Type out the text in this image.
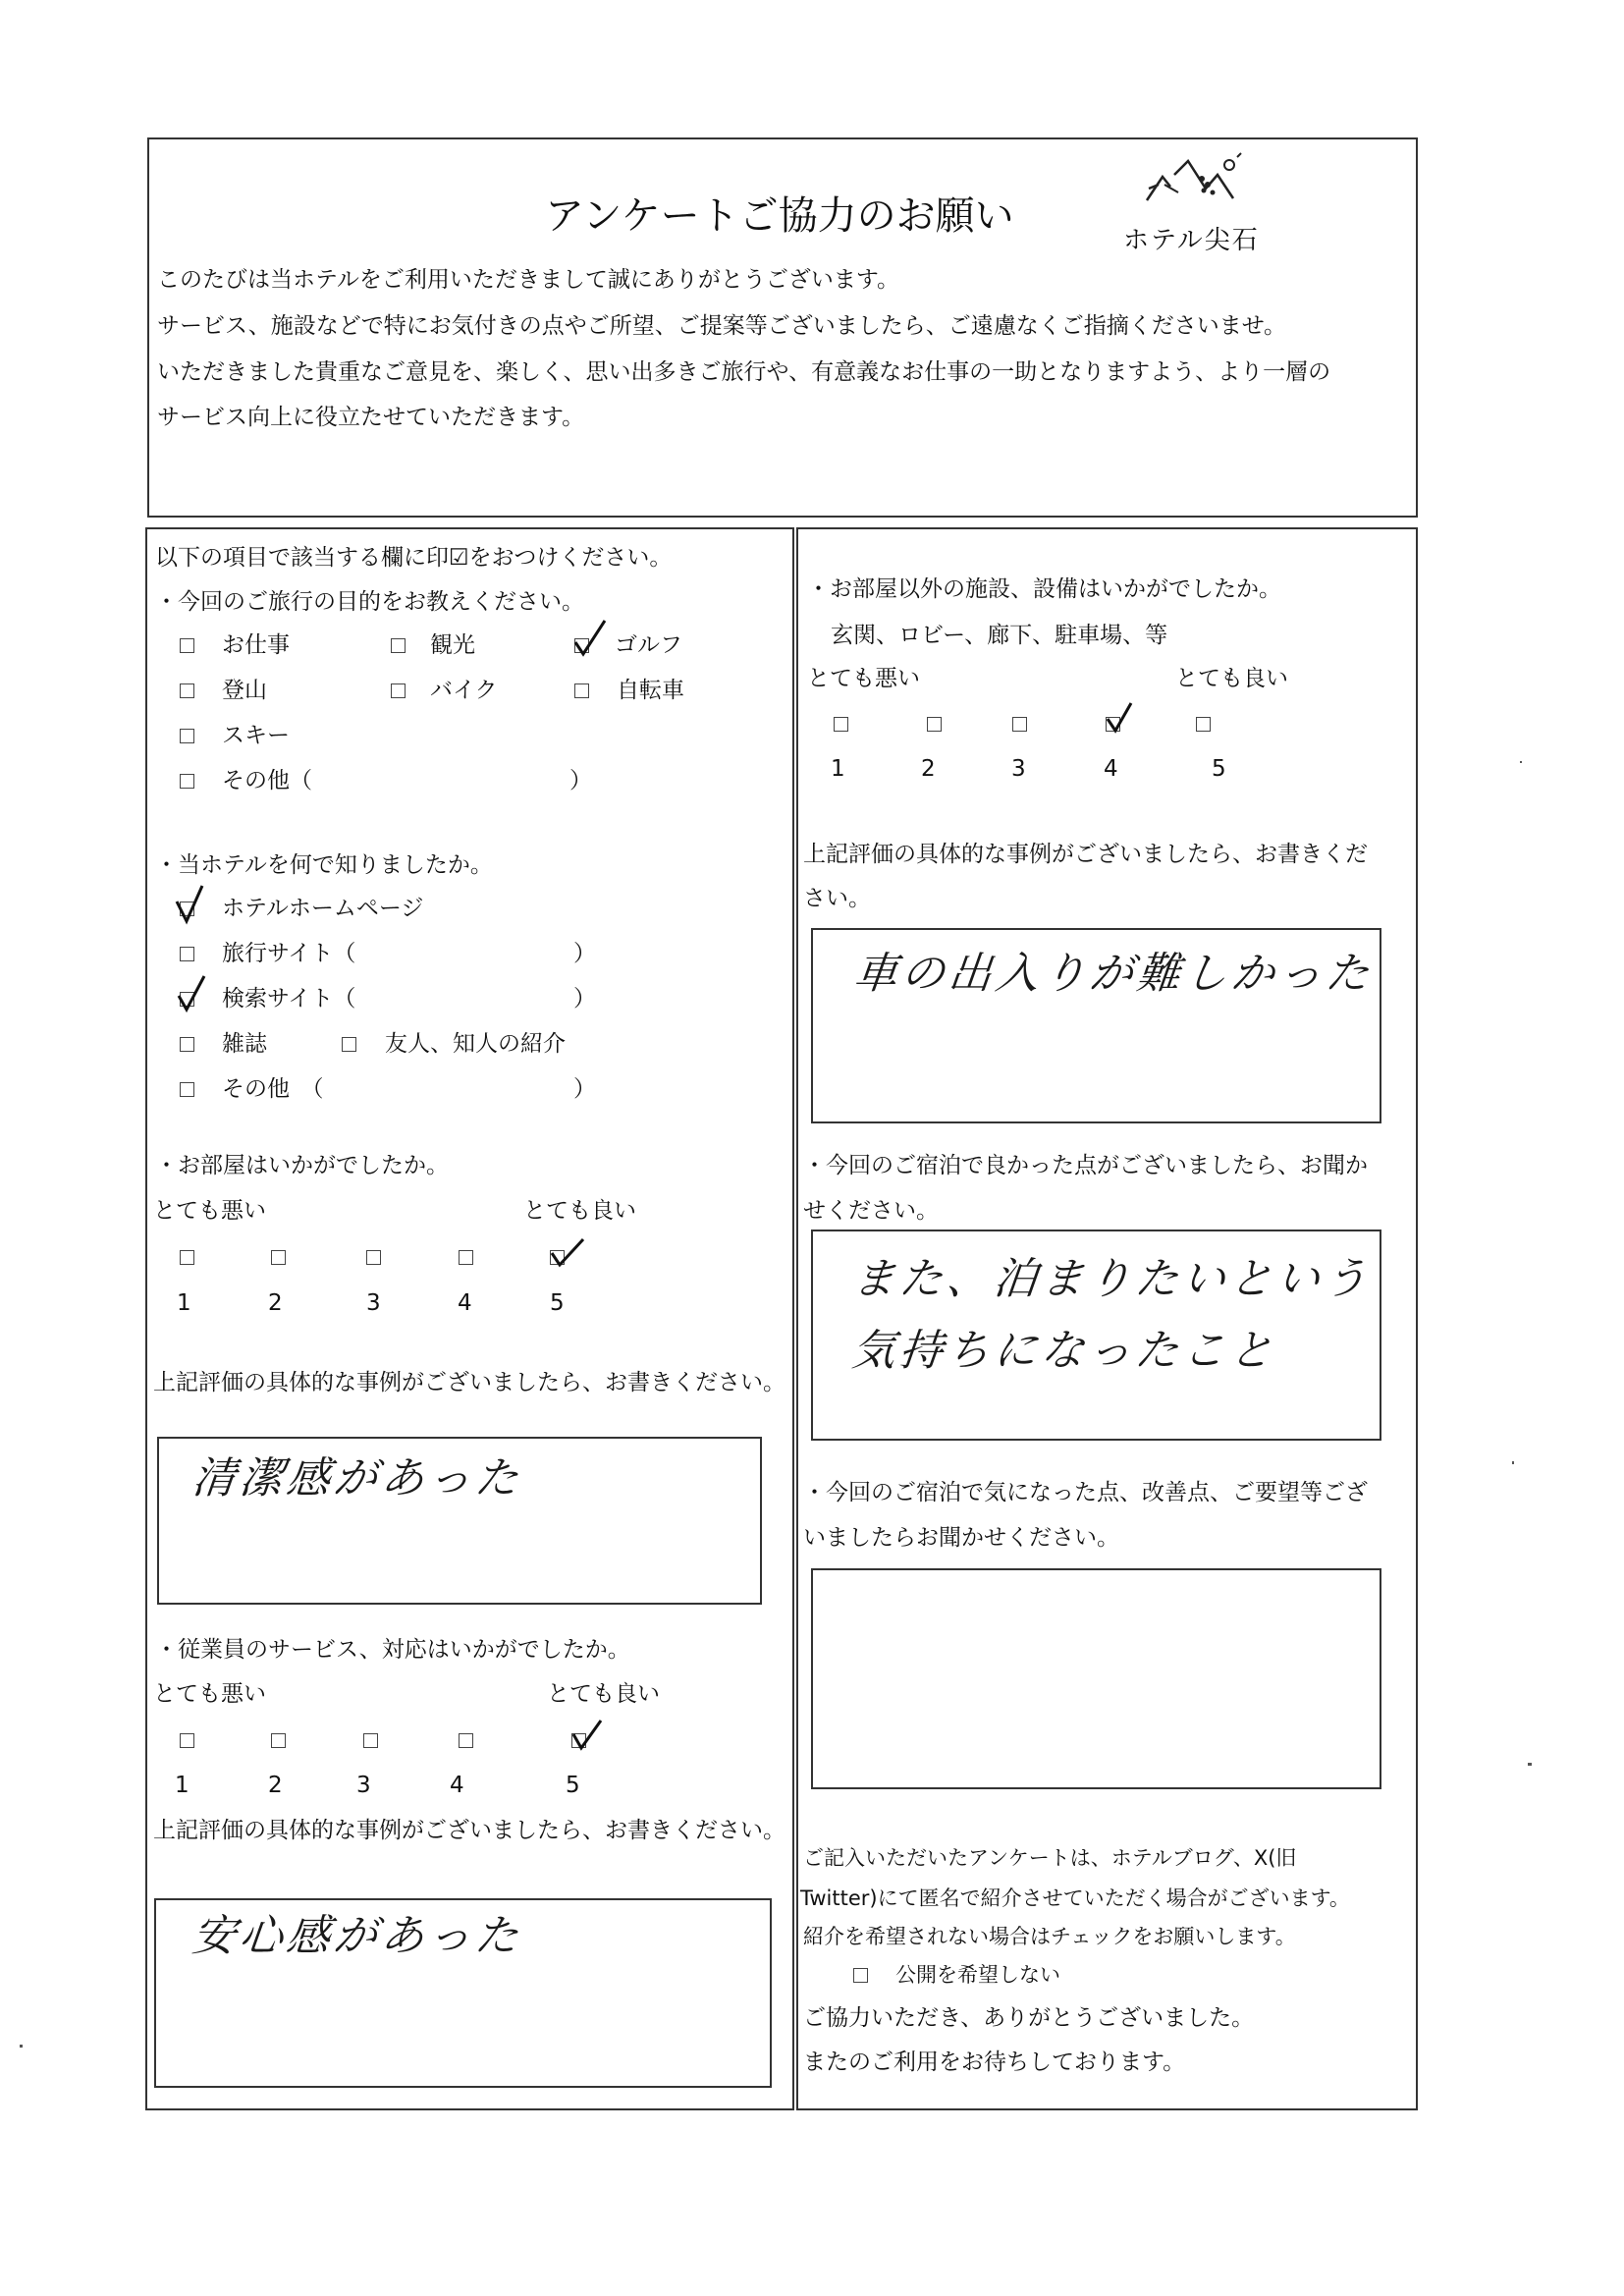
アンケートご協力のお願い
ホテル尖石
このたびは当ホテルをご利用いただきまして誠にありがとうございます。
サービス、施設などで特にお気付きの点やご所望、ご提案等ございましたら、ご遠慮なくご指摘くださいませ。
いただきました貴重なご意見を、楽しく、思い出多きご旅行や、有意義なお仕事の一助となりますよう、より一層の
サービス向上に役立たせていただきます。
以下の項目で該当する欄に印☑をおつけください。
・今回のご旅行の目的をお教えください。
お仕事	観光	ゴルフ
登山	バイク	自転車
スキー
その他（	）
・当ホテルを何で知りましたか。
ホテルホームページ
旅行サイト（	）
検索サイト（	）
雑誌	友人、知人の紹介
その他　（	）
・お部屋はいかがでしたか。
とても悪い	とても良い
1	2	3	4	5
上記評価の具体的な事例がございましたら、お書きください。
清潔感があった
・従業員のサービス、対応はいかがでしたか。
とても悪い	とても良い
1	2	3	4	5
上記評価の具体的な事例がございましたら、お書きください。
安心感があった
・お部屋以外の施設、設備はいかがでしたか。
玄関、ロビー、廊下、駐車場、等
とても悪い	とても良い
1	2	3	4	5
上記評価の具体的な事例がございましたら、お書きくだ
さい。
車の出入りが難しかった
・今回のご宿泊で良かった点がございましたら、お聞か
せください。
また、泊まりたいという
気持ちになったこと
・今回のご宿泊で気になった点、改善点、ご要望等ござ
いましたらお聞かせください。
ご記入いただいたアンケートは、ホテルブログ、X(旧
Twitter)にて匿名で紹介させていただく場合がございます。
紹介を希望されない場合はチェックをお願いします。
公開を希望しない
ご協力いただき、ありがとうございました。
またのご利用をお待ちしております。
